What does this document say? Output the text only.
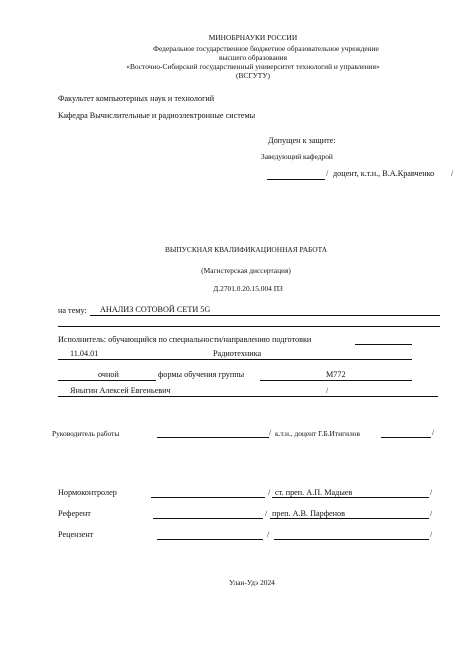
МИНОБРНАУКИ РОССИИ
Федеральное государственное бюджетное образовательное учреждение
высшего образования
«Восточно-Сибирский государственный университет технологий и управления»
(ВСГУТУ)
Факультет компьютерных наук и технологий
Кафедра Вычислительные и радиоэлектронные системы
Допущен к защите:
Заведующий кафедрой
/ доцент, к.т.н., В.А.Кравченко /
ВЫПУСКНАЯ КВАЛИФИКАЦИОННАЯ РАБОТА
(Магистерская диссертация)
Д.2701.0.20.15.004 ПЗ
на тему: АНАЛИЗ СОТОВОЙ СЕТИ 5G
Исполнитель: обучающийся по специальности/направлению подготовки
11.04.01	Радиотехника
очной	формы обучения группы	М772
Яныгин Алексей Евгеньевич	/
Руководитель работы	/ к.т.н., доцент Г.Б.Итигилов	/
Нормоконтролер	/ ст. преп. А.П. Мадыев	/
Референт	/ преп. А.В. Парфенов	/
Рецензент	/	/
Улан-Удэ 2024
